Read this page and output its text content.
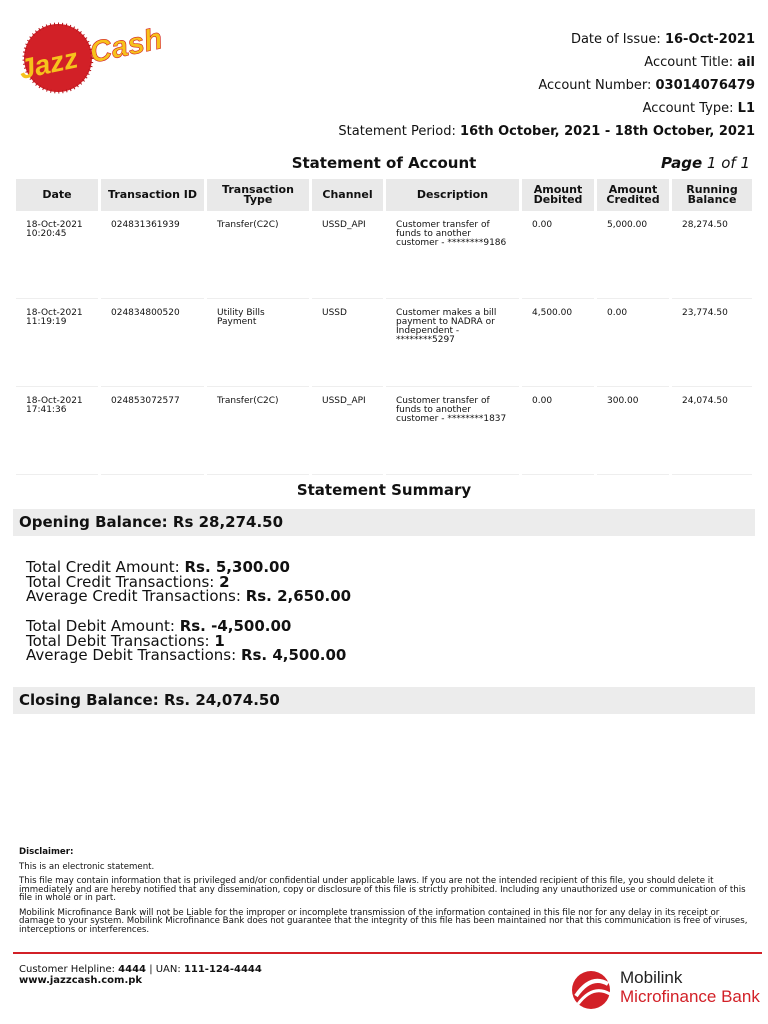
Jazz Cash	Date of Issue: 16-Oct-2021
Account Title: ail
Account Number: 03014076479
Account Type: L1
Statement Period: 16th October, 2021 - 18th October, 2021
Statement of Account	Page 1 of 1
Date	Transaction ID	Transaction Type	Channel	Description	Amount Debited	Amount Credited	Running Balance
18-Oct-2021 10:20:45	024831361939	Transfer(C2C)	USSD_API	Customer transfer of funds to another customer - ********9186	0.00	5,000.00	28,274.50
18-Oct-2021 11:19:19	024834800520	Utility Bills Payment	USSD	Customer makes a bill payment to NADRA or Independent - ********5297	4,500.00	0.00	23,774.50
18-Oct-2021 17:41:36	024853072577	Transfer(C2C)	USSD_API	Customer transfer of funds to another customer - ********1837	0.00	300.00	24,074.50
Statement Summary
Opening Balance: Rs 28,274.50
Total Credit Amount: Rs. 5,300.00
Total Credit Transactions: 2
Average Credit Transactions: Rs. 2,650.00
Total Debit Amount: Rs. -4,500.00
Total Debit Transactions: 1
Average Debit Transactions: Rs. 4,500.00
Closing Balance: Rs. 24,074.50

Disclaimer:

This is an electronic statement.

This file may contain information that is privileged and/or confidential under applicable laws. If you are not the intended recipient of this file, you should delete it immediately and are hereby notified that any dissemination, copy or disclosure of this file is strictly prohibited. Including any unauthorized use or communication of this file in whole or in part.

Mobilink Microfinance Bank will not be Liable for the improper or incomplete transmission of the information contained in this file nor for any delay in its receipt or damage to your system. Mobilink Microfinance Bank does not guarantee that the integrity of this file has been maintained nor that this communication is free of viruses, interceptions or interferences.

Customer Helpline: 4444 | UAN: 111-124-4444
www.jazzcash.com.pk	Mobilink
Microfinance Bank
